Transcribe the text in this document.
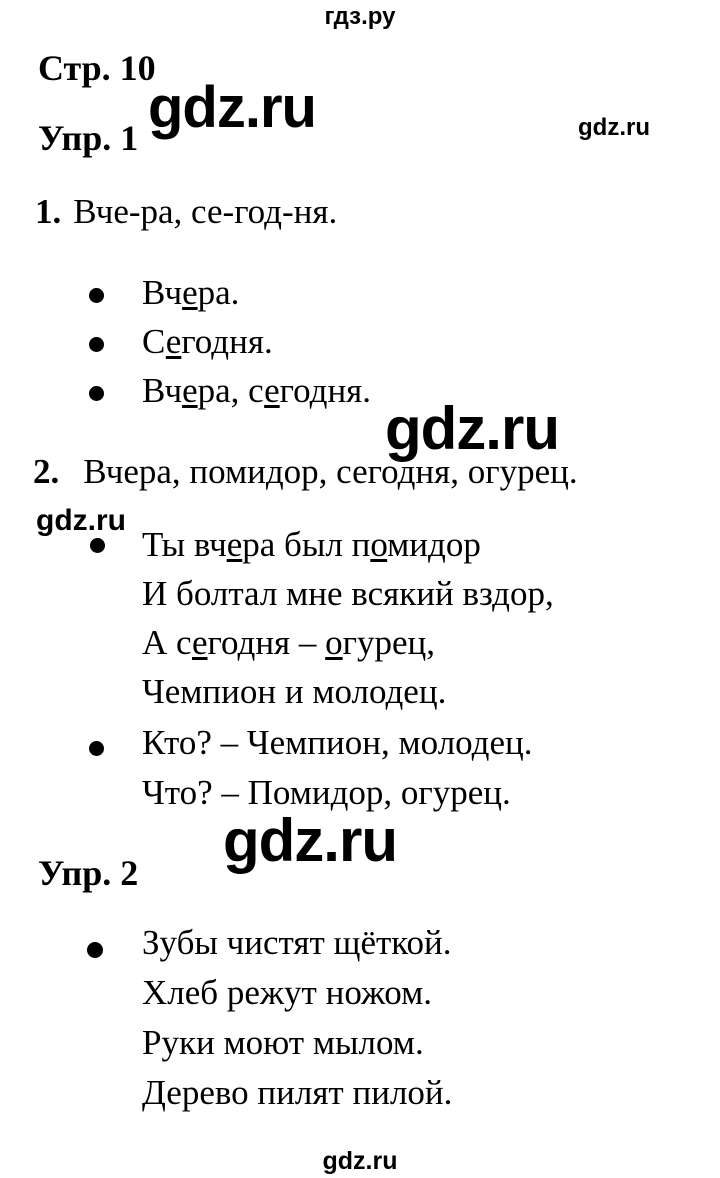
гдз.ру
Стр. 10
gdz.ru
Упр. 1	gdz.ru
1. Вче-ра, се-год-ня.
Вчера.
Сегодня.
Вчера, сегодня.
gdz.ru
2. Вчера, помидор, сегодня, огурец.
gdz.ru
Ты вчера был помидор
И болтал мне всякий вздор,
А сегодня – огурец,
Чемпион и молодец.
Кто? – Чемпион, молодец.
Что? – Помидор, огурец.
gdz.ru
Упр. 2
Зубы чистят щёткой.
Хлеб режут ножом.
Руки моют мылом.
Дерево пилят пилой.
gdz.ru
